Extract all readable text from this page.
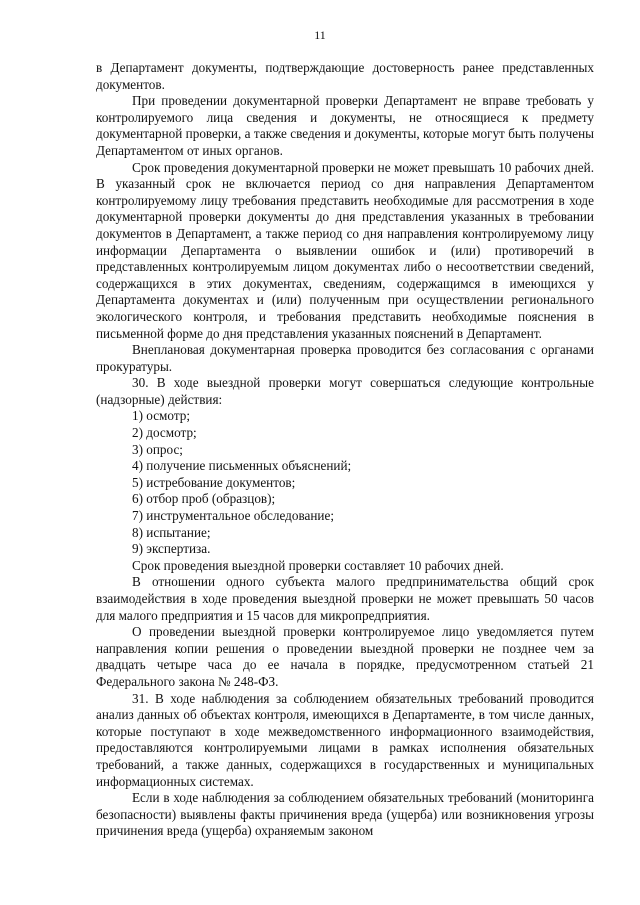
11

в Департамент документы, подтверждающие достоверность ранее представленных документов.

При проведении документарной проверки Департамент не вправе требовать у контролируемого лица сведения и документы, не относящиеся к предмету документарной проверки, а также сведения и документы, которые могут быть получены Департаментом от иных органов.

Срок проведения документарной проверки не может превышать 10 рабочих дней. В указанный срок не включается период со дня направления Департаментом контролируемому лицу требования представить необходимые для рассмотрения в ходе документарной проверки документы до дня представления указанных в требовании документов в Департамент, а также период со дня направления контролируемому лицу информации Департамента о выявлении ошибок и (или) противоречий в представленных контролируемым лицом документах либо о несоответствии сведений, содержащихся в этих документах, сведениям, содержащимся в имеющихся у Департамента документах и (или) полученным при осуществлении регионального экологического контроля, и требования представить необходимые пояснения в письменной форме до дня представления указанных пояснений в Департамент.

Внеплановая документарная проверка проводится без согласования с органами прокуратуры.

30. В ходе выездной проверки могут совершаться следующие контрольные (надзорные) действия:

1) осмотр;

2) досмотр;

3) опрос;

4) получение письменных объяснений;

5) истребование документов;

6) отбор проб (образцов);

7) инструментальное обследование;

8) испытание;

9) экспертиза.

Срок проведения выездной проверки составляет 10 рабочих дней.

В отношении одного субъекта малого предпринимательства общий срок взаимодействия в ходе проведения выездной проверки не может превышать 50 часов для малого предприятия и 15 часов для микропредприятия.

О проведении выездной проверки контролируемое лицо уведомляется путем направления копии решения о проведении выездной проверки не позднее чем за двадцать четыре часа до ее начала в порядке, предусмотренном статьей 21 Федерального закона № 248-ФЗ.

31. В ходе наблюдения за соблюдением обязательных требований проводится анализ данных об объектах контроля, имеющихся в Департаменте, в том числе данных, которые поступают в ходе межведомственного информационного взаимодействия, предоставляются контролируемыми лицами в рамках исполнения обязательных требований, а также данных, содержащихся в государственных и муниципальных информационных системах.

Если в ходе наблюдения за соблюдением обязательных требований (мониторинга безопасности) выявлены факты причинения вреда (ущерба) или возникновения угрозы причинения вреда (ущерба) охраняемым законом
